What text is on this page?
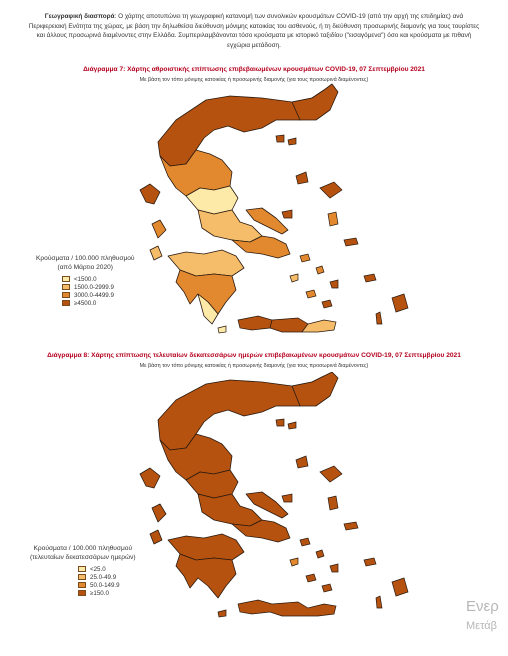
Γεωγραφική διασπορά: Ο χάρτης αποτυπώνει τη γεωγραφική κατανομή των συνολικών κρουσμάτων COVID-19 (από την αρχή της επιδημίας) ανά Περιφερειακή Ενότητα της χώρας, με βάση την δηλωθείσα διεύθυνση μόνιμης κατοικίας του ασθενούς, ή τη διεύθυνση προσωρινής διαμονής για τους τουρίστες και άλλους προσωρινά διαμένοντες στην Ελλάδα. Συμπεριλαμβάνονται τόσο κρούσματα με ιστορικό ταξιδίου ("εισαγόμενα") όσο και κρούσματα με πιθανή εγχώρια μετάδοση.
Διάγραμμα 7: Χάρτης αθροιστικής επίπτωσης επιβεβαιωμένων κρουσμάτων COVID-19, 07 Σεπτεμβρίου 2021
Με βάση τον τόπο μόνιμης κατοικίας ή προσωρινής διαμονής (για τους προσωρινά διαμένοντες)
Κρούσματα / 100.000 πληθυσμού
(από Μάρτιο 2020)
<1500.0
1500.0-2999.9
3000.0-4499.9
≥4500.0
Διάγραμμα 8: Χάρτης επίπτωσης τελευταίων δεκατεσσάρων ημερών επιβεβαιωμένων κρουσμάτων COVID-19, 07 Σεπτεμβρίου 2021
Με βάση τον τόπο μόνιμης κατοικίας ή προσωρινής διαμονής (για τους προσωρινά διαμένοντες)
Κρούσματα / 100.000 πληθυσμού
(τελευταίων δεκατεσσάρων ημερών)
<25.0
25.0-49.9
50.0-149.9
≥150.0
Ενερ
Μετάβ
